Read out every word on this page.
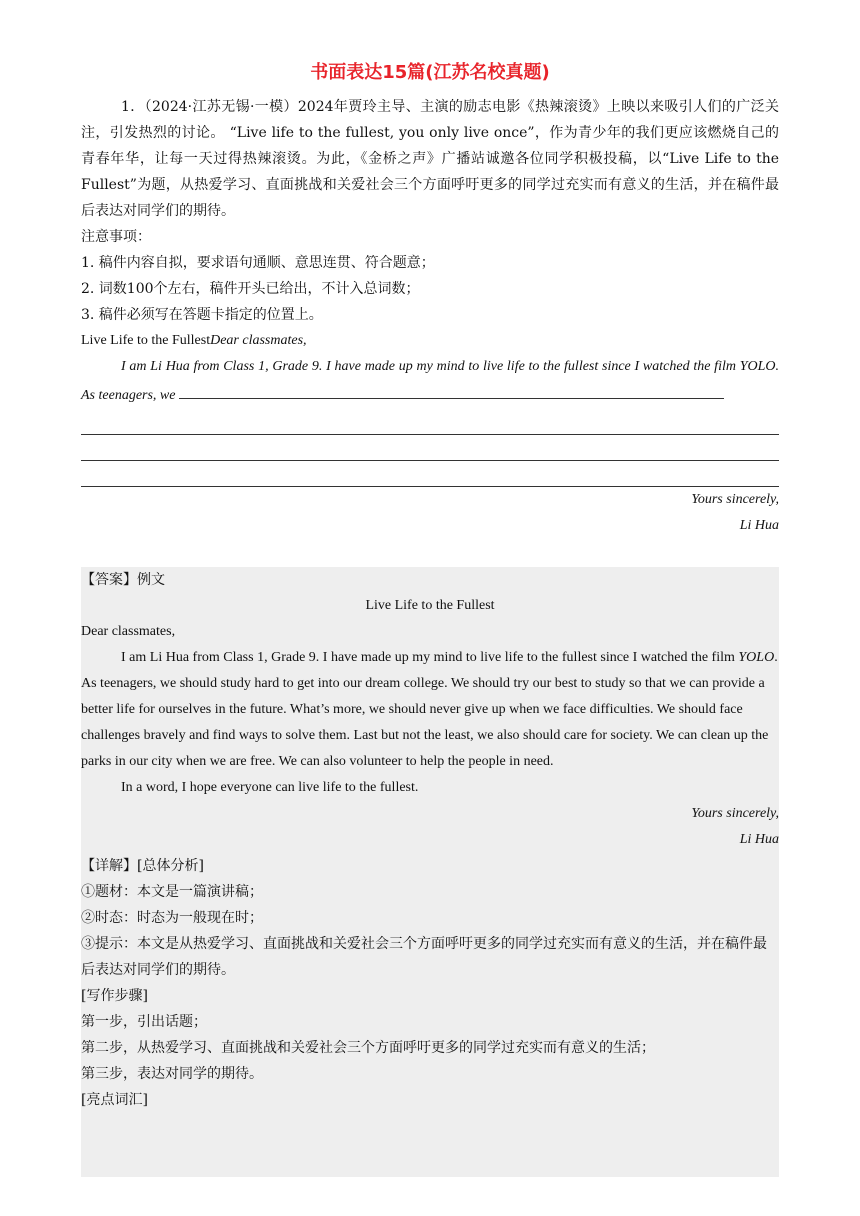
书面表达15篇(江苏名校真题)

1．（2024·江苏无锡·一模）2024年贾玲主导、主演的励志电影《热辣滚烫》上映以来吸引人们的广泛关注，引发热烈的讨论。 “Live life to the fullest, you only live once”，作为青少年的我们更应该燃烧自己的青春年华，让每一天过得热辣滚烫。为此，《金桥之声》广播站诚邀各位同学积极投稿，以“Live Life to the Fullest”为题，从热爱学习、直面挑战和关爱社会三个方面呼吁更多的同学过充实而有意义的生活，并在稿件最后表达对同学们的期待。

注意事项：

1. 稿件内容自拟，要求语句通顺、意思连贯、符合题意；

2. 词数100个左右，稿件开头已给出，不计入总词数；

3. 稿件必须写在答题卡指定的位置上。

Live Life to the FullestDear classmates,

I am Li Hua from Class 1, Grade 9. I have made up my mind to live life to the fullest since I watched the film YOLO. As teenagers, we

Yours sincerely,

Li Hua

【答案】例文

Live Life to the Fullest

Dear classmates,

I am Li Hua from Class 1, Grade 9. I have made up my mind to live life to the fullest since I watched the film YOLO. As teenagers, we should study hard to get into our dream college. We should try our best to study so that we can provide a better life for ourselves in the future. What’s more, we should never give up when we face difficulties. We should face challenges bravely and find ways to solve them. Last but not the least, we also should care for society. We can clean up the parks in our city when we are free. We can also volunteer to help the people in need.

In a word, I hope everyone can live life to the fullest.

Yours sincerely,

Li Hua

【详解】[总体分析]

①题材：本文是一篇演讲稿；

②时态：时态为一般现在时；

③提示：本文是从热爱学习、直面挑战和关爱社会三个方面呼吁更多的同学过充实而有意义的生活，并在稿件最后表达对同学们的期待。

[写作步骤]

第一步，引出话题；

第二步，从热爱学习、直面挑战和关爱社会三个方面呼吁更多的同学过充实而有意义的生活；

第三步，表达对同学的期待。

[亮点词汇]
